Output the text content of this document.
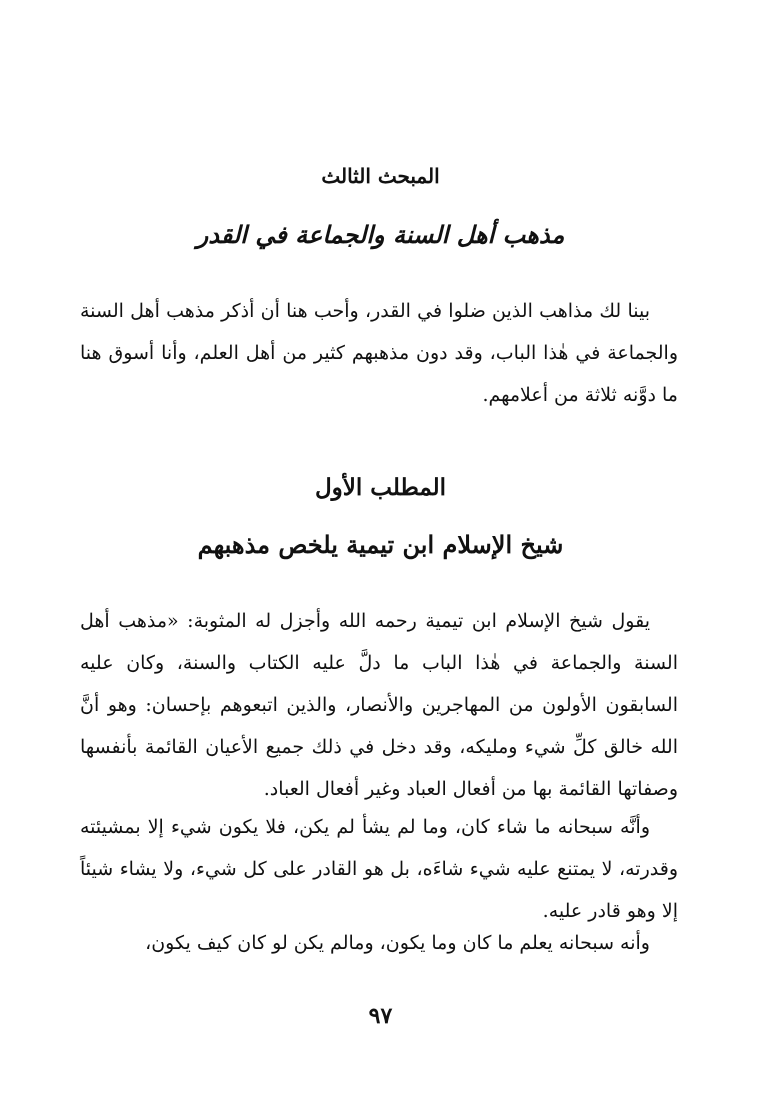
المبحث الثالث
مذهب أهل السنة والجماعة في القدر

بينا لك مذاهب الذين ضلوا في القدر، وأحب هنا أن أذكر مذهب أهل السنة والجماعة في هٰذا الباب، وقد دون مذهبهم كثير من أهل العلم، وأنا أسوق هنا ما دوَّنه ثلاثة من أعلامهم.

المطلب الأول
شيخ الإسلام ابن تيمية يلخص مذهبهم

يقول شيخ الإسلام ابن تيمية رحمه الله وأجزل له المثوبة: «مذهب أهل السنة والجماعة في هٰذا الباب ما دلَّ عليه الكتاب والسنة، وكان عليه السابقون الأولون من المهاجرين والأنصار، والذين اتبعوهم بإحسان: وهو أنَّ الله خالق كلِّ شيء ومليكه، وقد دخل في ذلك جميع الأعيان القائمة بأنفسها وصفاتها القائمة بها من أفعال العباد وغير أفعال العباد.

وأنَّه سبحانه ما شاء كان، وما لم يشأ لم يكن، فلا يكون شيء إلا بمشيئته وقدرته، لا يمتنع عليه شيء شاءَه، بل هو القادر على كل شيء، ولا يشاء شيئاً إلا وهو قادر عليه.

وأنه سبحانه يعلم ما كان وما يكون، ومالم يكن لو كان كيف يكون،

٩٧
